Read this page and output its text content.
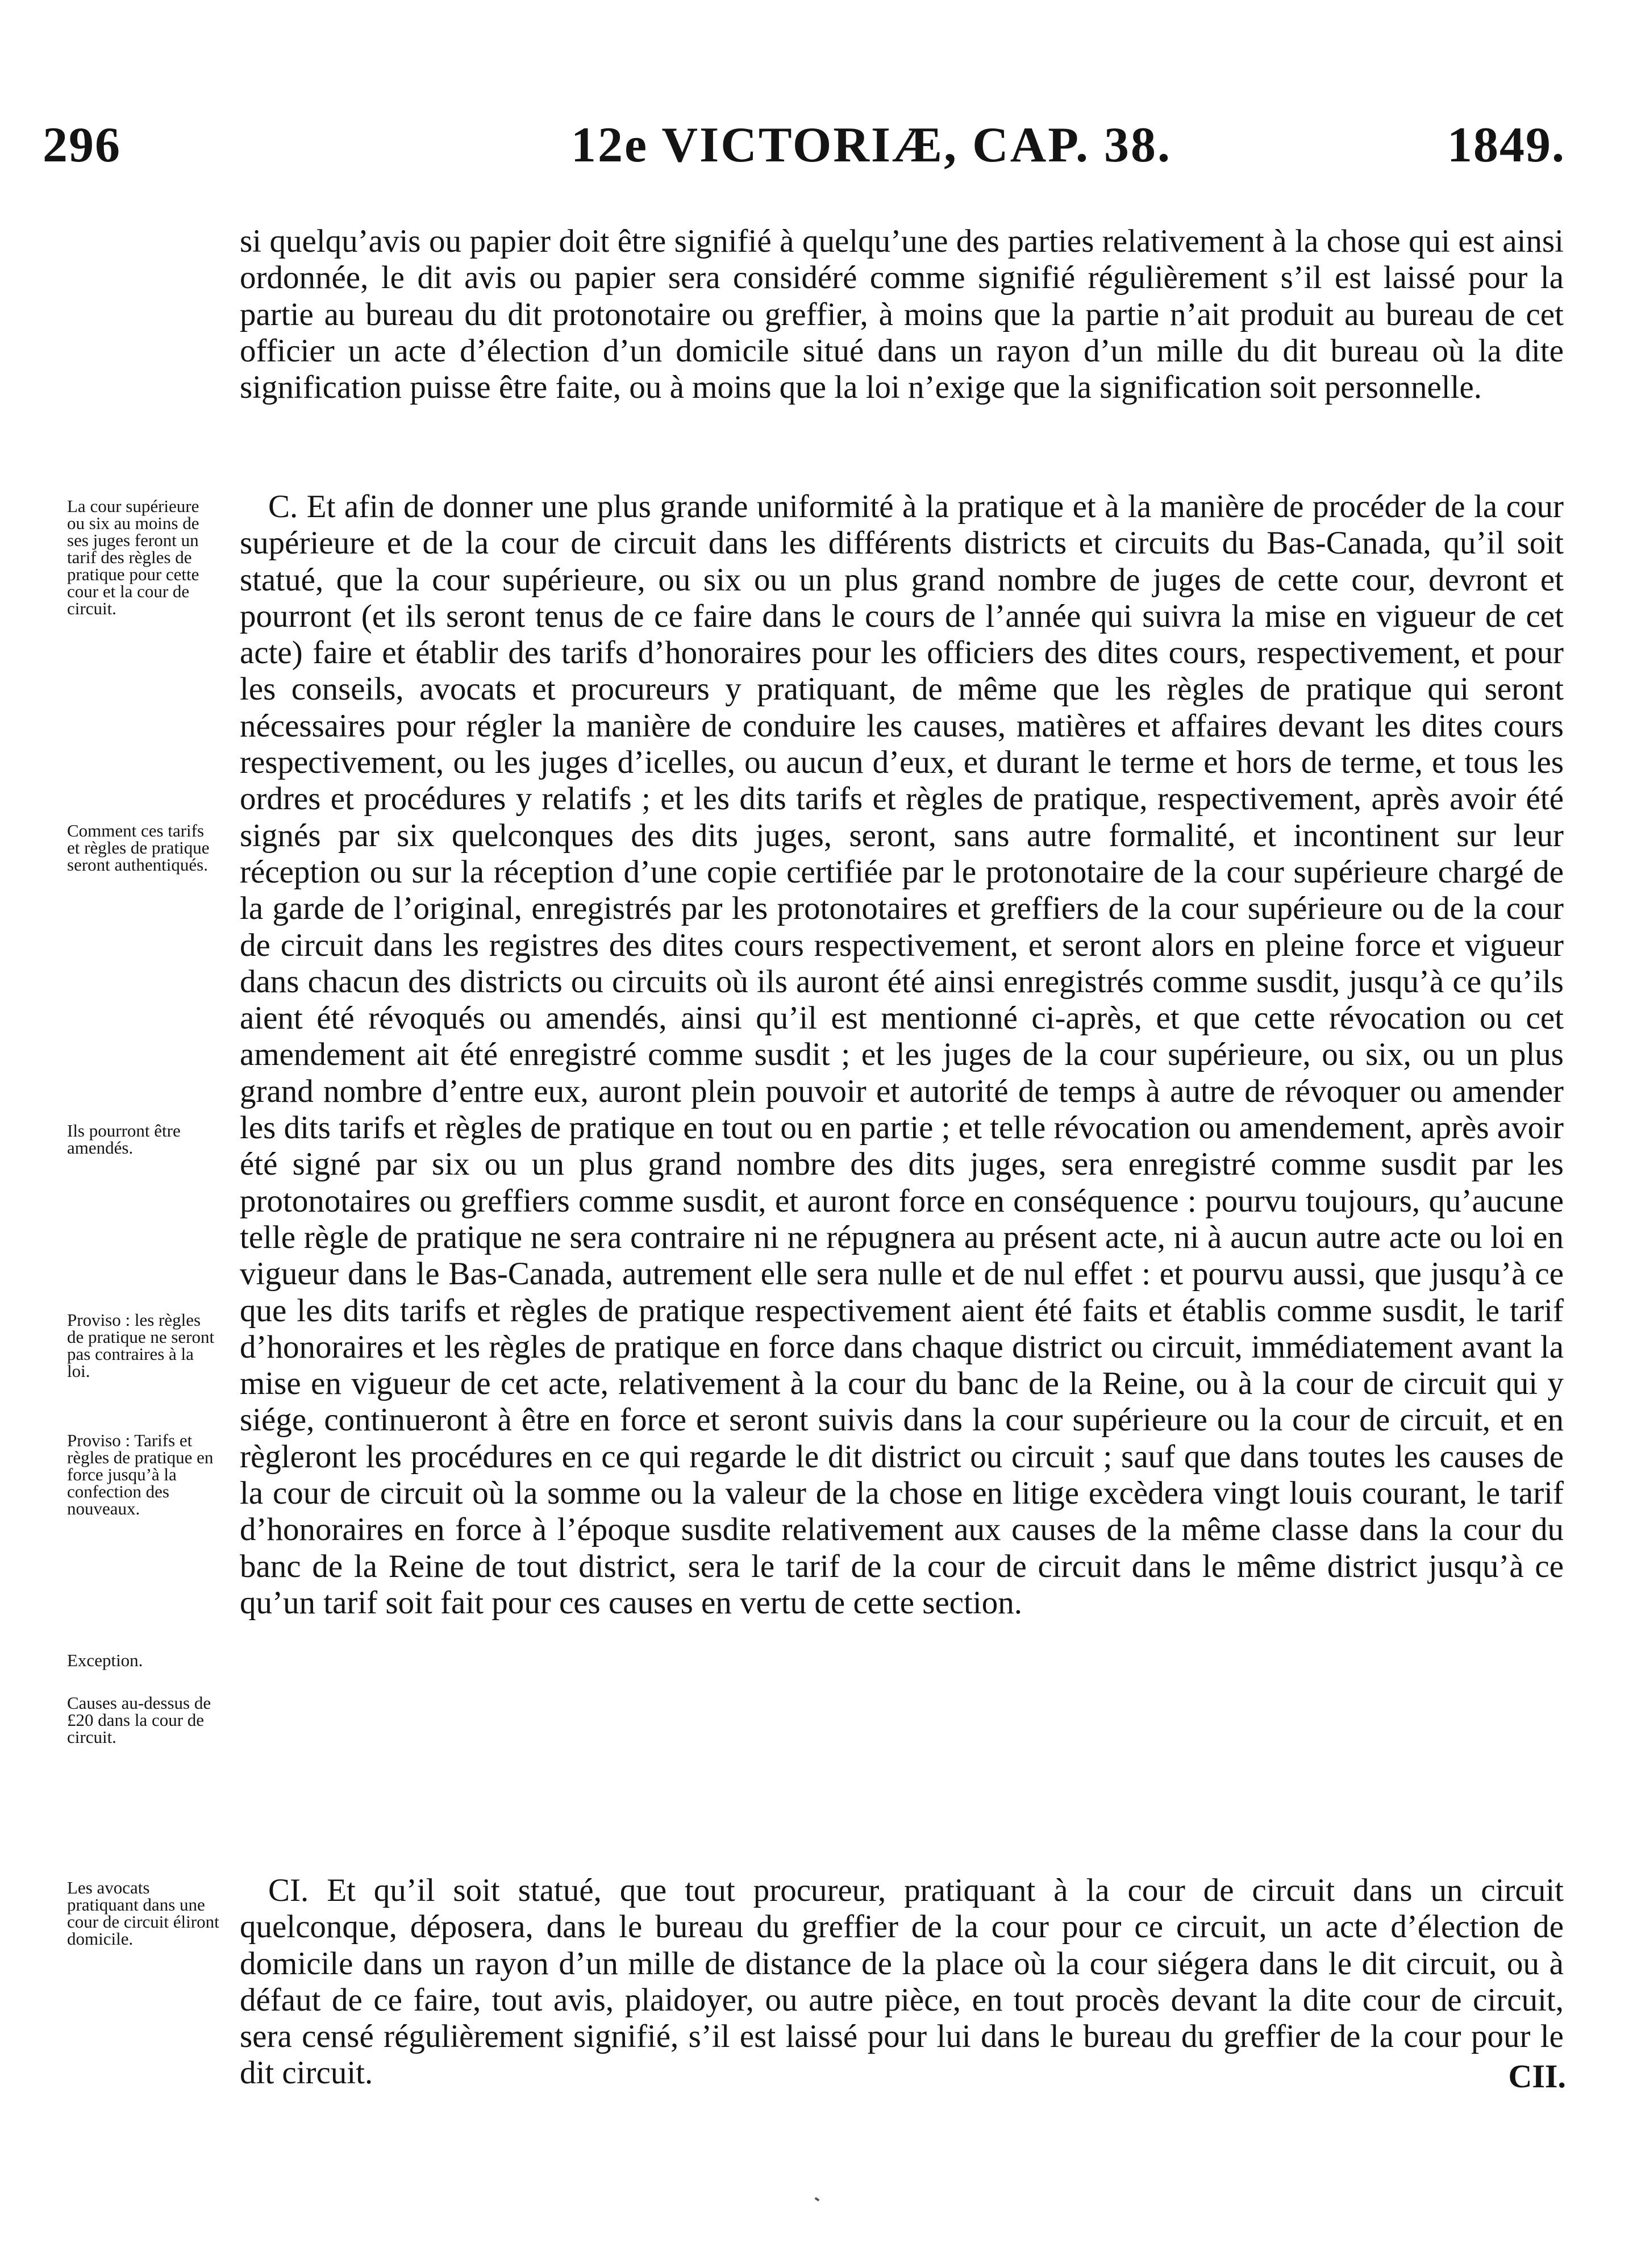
296	12e VICTORIÆ, CAP. 38.	1849.

si quelqu’avis ou papier doit être signifié à quelqu’une des parties relativement à la chose qui est ainsi ordonnée, le dit avis ou papier sera considéré comme signifié régulièrement s’il est laissé pour la partie au bureau du dit protonotaire ou greffier, à moins que la partie n’ait produit au bureau de cet officier un acte d’élection d’un domicile situé dans un rayon d’un mille du dit bureau où la dite signification puisse être faite, ou à moins que la loi n’exige que la signification soit personnelle.

C. Et afin de donner une plus grande uniformité à la pratique et à la manière de procéder de la cour supérieure et de la cour de circuit dans les différents districts et circuits du Bas-Canada, qu’il soit statué, que la cour supérieure, ou six ou un plus grand nombre de juges de cette cour, devront et pourront (et ils seront tenus de ce faire dans le cours de l’année qui suivra la mise en vigueur de cet acte) faire et établir des tarifs d’honoraires pour les officiers des dites cours, respectivement, et pour les conseils, avocats et procureurs y pratiquant, de même que les règles de pratique qui seront nécessaires pour régler la manière de conduire les causes, matières et affaires devant les dites cours respectivement, ou les juges d’icelles, ou aucun d’eux, et durant le terme et hors de terme, et tous les ordres et procédures y relatifs ; et les dits tarifs et règles de pratique, respectivement, après avoir été signés par six quelconques des dits juges, seront, sans autre formalité, et incontinent sur leur réception ou sur la réception d’une copie certifiée par le protonotaire de la cour supérieure chargé de la garde de l’original, enregistrés par les protonotaires et greffiers de la cour supérieure ou de la cour de circuit dans les registres des dites cours respectivement, et seront alors en pleine force et vigueur dans chacun des districts ou circuits où ils auront été ainsi enregistrés comme susdit, jusqu’à ce qu’ils aient été révoqués ou amendés, ainsi qu’il est mentionné ci-après, et que cette révocation ou cet amendement ait été enregistré comme susdit ; et les juges de la cour supérieure, ou six, ou un plus grand nombre d’entre eux, auront plein pouvoir et autorité de temps à autre de révoquer ou amender les dits tarifs et règles de pratique en tout ou en partie ; et telle révocation ou amendement, après avoir été signé par six ou un plus grand nombre des dits juges, sera enregistré comme susdit par les protonotaires ou greffiers comme susdit, et auront force en conséquence : pourvu toujours, qu’aucune telle règle de pratique ne sera contraire ni ne répugnera au présent acte, ni à aucun autre acte ou loi en vigueur dans le Bas-Canada, autrement elle sera nulle et de nul effet : et pourvu aussi, que jusqu’à ce que les dits tarifs et règles de pratique respectivement aient été faits et établis comme susdit, le tarif d’honoraires et les règles de pratique en force dans chaque district ou circuit, immédiatement avant la mise en vigueur de cet acte, relativement à la cour du banc de la Reine, ou à la cour de circuit qui y siége, continueront à être en force et seront suivis dans la cour supérieure ou la cour de circuit, et en règleront les procédures en ce qui regarde le dit district ou circuit ; sauf que dans toutes les causes de la cour de circuit où la somme ou la valeur de la chose en litige excèdera vingt louis courant, le tarif d’honoraires en force à l’époque susdite relativement aux causes de la même classe dans la cour du banc de la Reine de tout district, sera le tarif de la cour de circuit dans le même district jusqu’à ce qu’un tarif soit fait pour ces causes en vertu de cette section.

CI. Et qu’il soit statué, que tout procureur, pratiquant à la cour de circuit dans un circuit quelconque, déposera, dans le bureau du greffier de la cour pour ce circuit, un acte d’élection de domicile dans un rayon d’un mille de distance de la place où la cour siégera dans le dit circuit, ou à défaut de ce faire, tout avis, plaidoyer, ou autre pièce, en tout procès devant la dite cour de circuit, sera censé régulièrement signifié, s’il est laissé pour lui dans le bureau du greffier de la cour pour le dit circuit.

La cour supérieure ou six au moins de ses juges feront un tarif des règles de pratique pour cette cour et la cour de circuit.
Comment ces tarifs et règles de pratique seront authentiqués.
Ils pourront être amendés.
Proviso : les règles de pratique ne seront pas contraires à la loi.
Proviso : Tarifs et règles de pratique en force jusqu’à la confection des nouveaux.
Exception.
Causes au-dessus de £20 dans la cour de circuit.
Les avocats pratiquant dans une cour de circuit éliront domicile.
CII.
